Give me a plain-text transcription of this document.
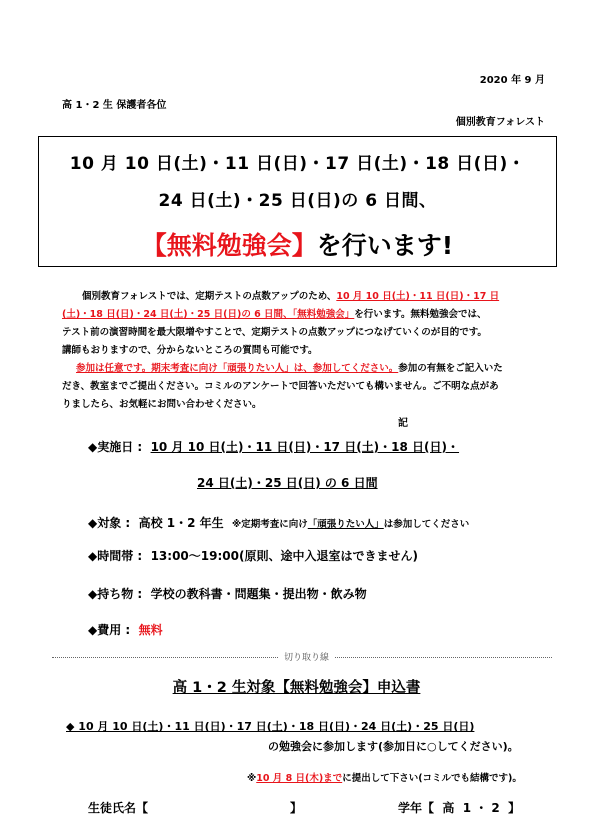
2020 年 9 月
高 1・2 生 保護者各位
個別教育フォレスト
10 月 10 日(土)・11 日(日)・17 日(土)・18 日(日)・
24 日(土)・25 日(日)の 6 日間、
【無料勉強会】を行います!
個別教育フォレストでは、定期テストの点数アップのため、10 月 10 日(土)・11 日(日)・17 日
(土)・18 日(日)・24 日(土)・25 日(日)の 6 日間、「無料勉強会」を行います。無料勉強会では、
テスト前の演習時間を最大限増やすことで、定期テストの点数アップにつなげていくのが目的です。
講師もおりますので、分からないところの質問も可能です。
参加は任意です。期末考査に向け「頑張りたい人」は、参加してください。参加の有無をご記入いた
だき、教室までご提出ください。コミルのアンケートで回答いただいても構いません。ご不明な点があ
りましたら、お気軽にお問い合わせください。
記
◆実施日 : 10 月 10 日(土)・11 日(日)・17 日(土)・18 日(日)・
24 日(土)・25 日(日) の 6 日間
◆対象 : 高校 1・2 年生 ※定期考査に向け「頑張りたい人」は参加してください
◆時間帯 : 13:00～19:00(原則、途中入退室はできません)
◆持ち物 : 学校の教科書・問題集・提出物・飲み物
◆費用 : 無料
切り取り線
高 1・2 生対象【無料勉強会】申込書
◆ 10 月 10 日(土)・11 日(日)・17 日(土)・18 日(日)・24 日(土)・25 日(日)
の勉強会に参加します(参加日に○してください)。
※10 月 8 日(木)までに提出して下さい(コミルでも結構です)。
生徒氏名【                                  】	学年【  高  1 ・ 2  】
